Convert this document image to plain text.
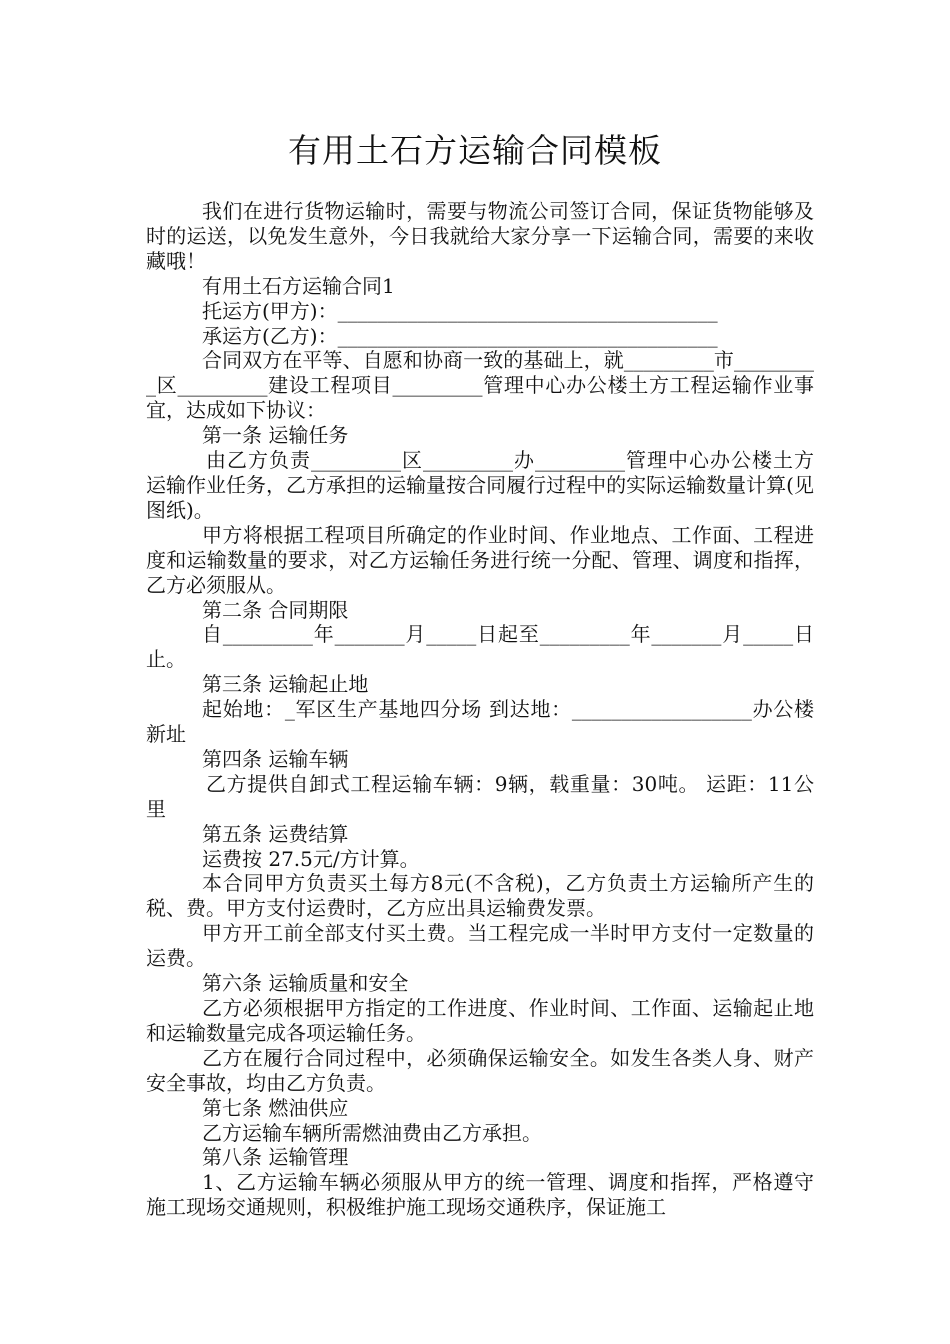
有用土石方运输合同模板

我们在进行货物运输时，需要与物流公司签订合同，保证货物能够及时的运送，以免发生意外，今日我就给大家分享一下运输合同，需要的来收藏哦！

有用土石方运输合同1

托运方(甲方)：______________________________________

承运方(乙方)：______________________________________

合同双方在平等、自愿和协商一致的基础上，就_________市_________区_________建设工程项目_________管理中心办公楼土方工程运输作业事宜，达成如下协议：

第一条 运输任务

由乙方负责_________区_________办_________管理中心办公楼土方运输作业任务，乙方承担的运输量按合同履行过程中的实际运输数量计算(见图纸)。

甲方将根据工程项目所确定的作业时间、作业地点、工作面、工程进度和运输数量的要求，对乙方运输任务进行统一分配、管理、调度和指挥，乙方必须服从。

第二条 合同期限

自_________年_______月_____日起至_________年_______月_____日止。

第三条 运输起止地

起始地：_军区生产基地四分场 到达地：__________________办公楼新址

第四条 运输车辆

乙方提供自卸式工程运输车辆：9辆，载重量：30吨。 运距：11公里

第五条 运费结算

运费按 27.5元/方计算。

本合同甲方负责买土每方8元(不含税)，乙方负责土方运输所产生的税、费。甲方支付运费时，乙方应出具运输费发票。

甲方开工前全部支付买土费。当工程完成一半时甲方支付一定数量的运费。

第六条 运输质量和安全

乙方必须根据甲方指定的工作进度、作业时间、工作面、运输起止地和运输数量完成各项运输任务。

乙方在履行合同过程中，必须确保运输安全。如发生各类人身、财产安全事故，均由乙方负责。

第七条 燃油供应

乙方运输车辆所需燃油费由乙方承担。

第八条 运输管理

1、乙方运输车辆必须服从甲方的统一管理、调度和指挥，严格遵守施工现场交通规则，积极维护施工现场交通秩序，保证施工
